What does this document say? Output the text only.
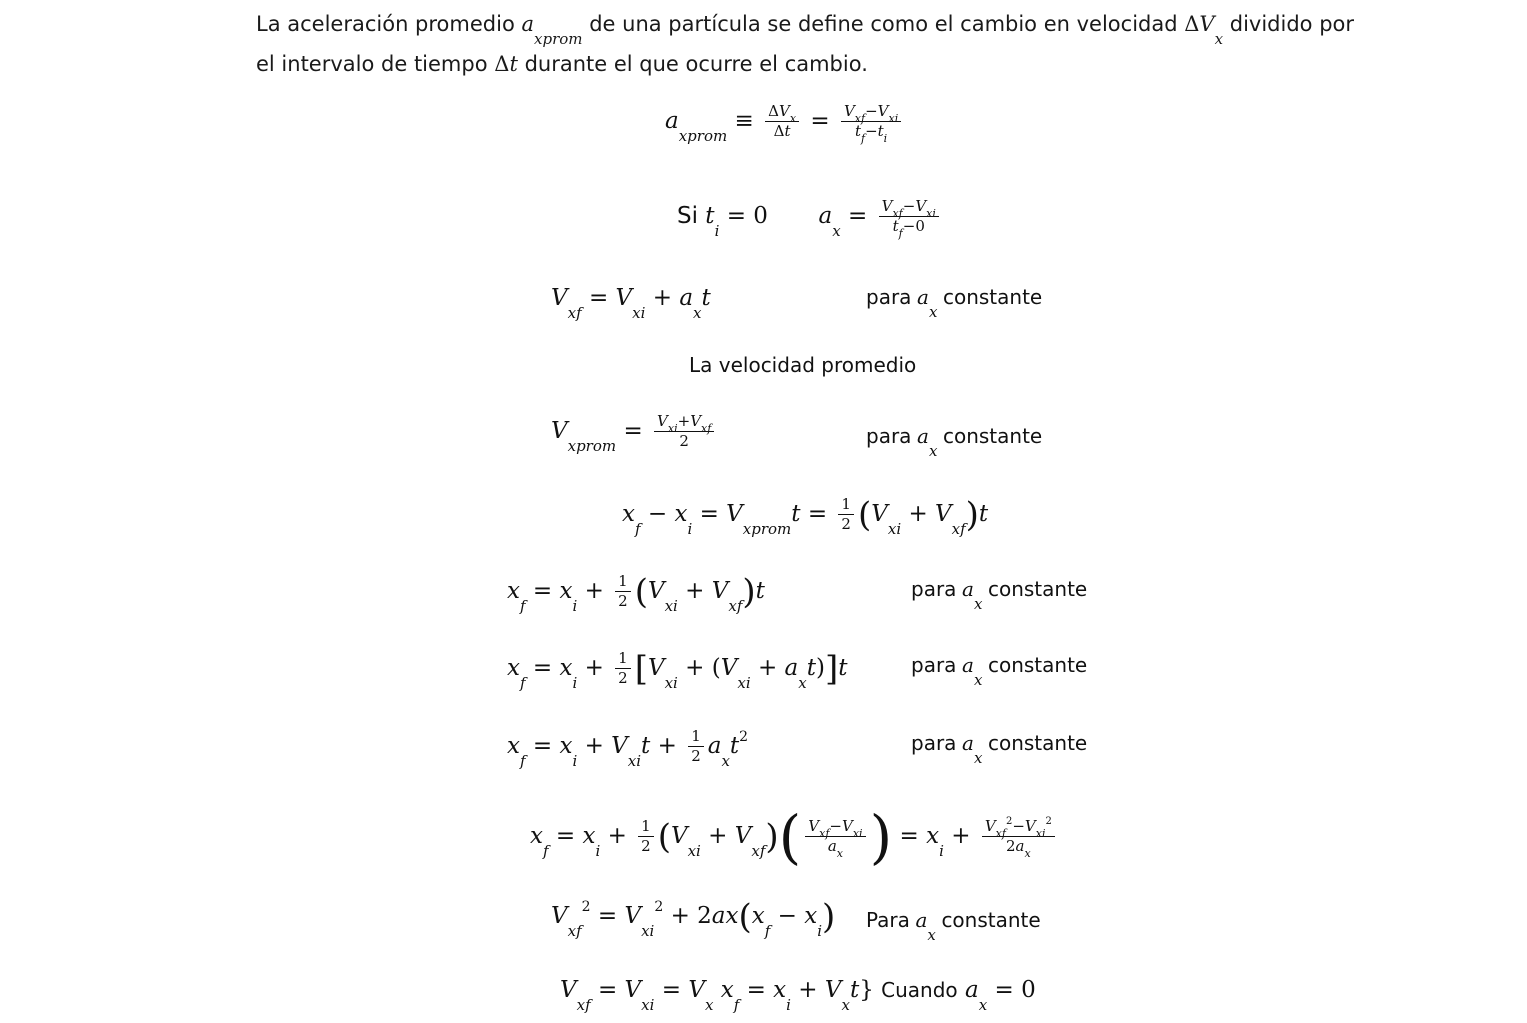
La aceleración promedio $a_{xprom}$ de una partícula se define como el cambio en velocidad $\Delta V_x$ dividido por el intervalo de tiempo Δt durante el que ocurre el cambio.

$a_{xprom} \equiv \frac{\Delta V_x}{\Delta t} = \frac{V_{xf}-V_{xi}}{t_f-t_i}$
Si $t_i = 0$  $a_x = \frac{V_{xf}-V_{xi}}{t_f-0}$
$V_{xf} = V_{xi} + a_xt$	para $a_x$ constante
La velocidad promedio
$V_{xprom} = \frac{V_{xi}+V_{xf}}{2}$	para $a_x$ constante
$x_f - x_i = V_{xprom}t = \frac{1}{2} (V_{xi} + V_{xf})t$
$x_f = x_i + \frac{1}{2} (V_{xi} + V_{xf})t$	para $a_x$ constante
$x_f = x_i + \frac{1}{2} [V_{xi} + (V_{xi} + a_xt)]t$	para $a_x$ constante
$x_f = x_i + V_{xi}t + \frac{1}{2} a_xt^2$	para $a_x$ constante
$x_f = x_i + \frac{1}{2} (V_{xi} + V_{xf})( \frac{V_{xf}-V_{xi}}{a_x}$ ) = $x_i + \frac{V_{xf}^2-V_{xi}^2}{2a_x}$
$V_{xf}^2 = V_{xi}^2 + 2ax(x_f - x_i)$ Para $a_x$ constante
$V_{xf} = V_{xi} = V_x$ $x_f = x_i + V_xt$} Cuando $a_x = 0$
